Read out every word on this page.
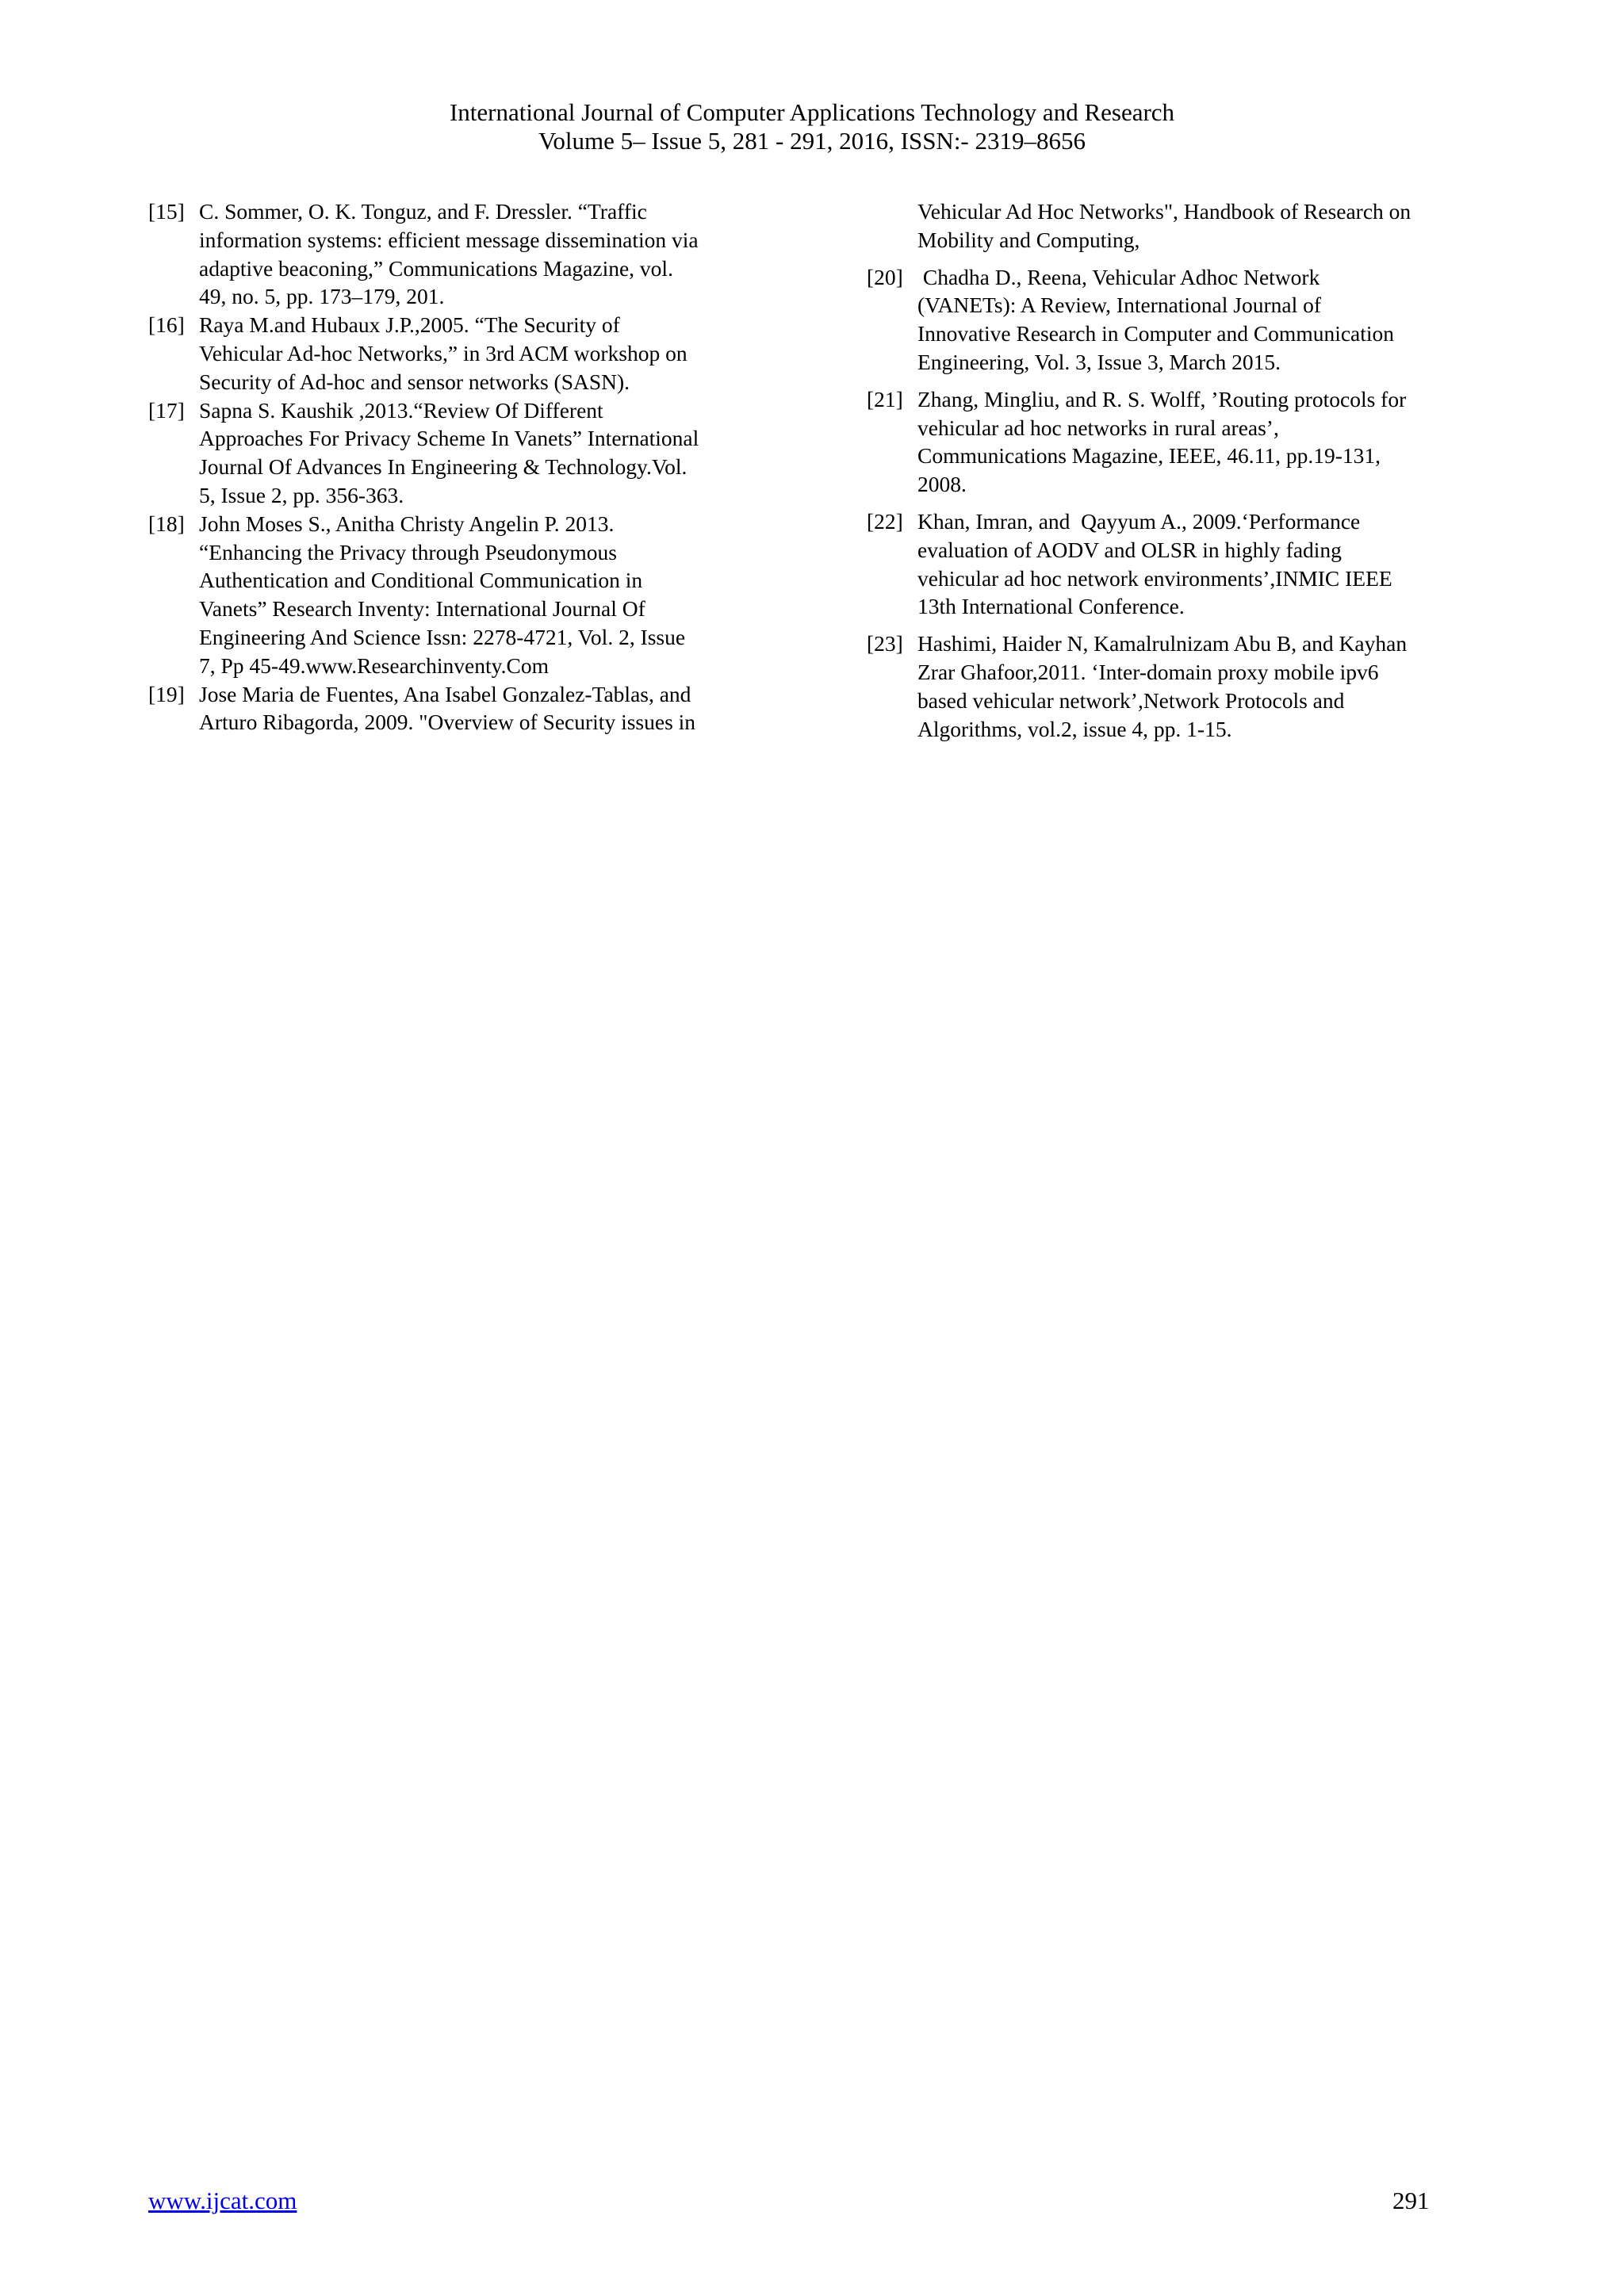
International Journal of Computer Applications Technology and Research
Volume 5– Issue 5, 281 - 291, 2016, ISSN:- 2319–8656
[15] C. Sommer, O. K. Tonguz, and F. Dressler. “Traffic
information systems: efficient message dissemination via
adaptive beaconing,” Communications Magazine, vol.
49, no. 5, pp. 173–179, 201.
[16] Raya M.and Hubaux J.P.,2005. “The Security of
Vehicular Ad-hoc Networks,” in 3rd ACM workshop on
Security of Ad-hoc and sensor networks (SASN).
[17] Sapna S. Kaushik ,2013.“Review Of Different
Approaches For Privacy Scheme In Vanets” International
Journal Of Advances In Engineering & Technology.Vol.
5, Issue 2, pp. 356-363.
[18] John Moses S., Anitha Christy Angelin P. 2013.
“Enhancing the Privacy through Pseudonymous
Authentication and Conditional Communication in
Vanets” Research Inventy: International Journal Of
Engineering And Science Issn: 2278-4721, Vol. 2, Issue
7, Pp 45-49.www.Researchinventy.Com
[19] Jose Maria de Fuentes, Ana Isabel Gonzalez-Tablas, and
Arturo Ribagorda, 2009. "Overview of Security issues in
Vehicular Ad Hoc Networks", Handbook of Research on
Mobility and Computing,
[20] Chadha D., Reena, Vehicular Adhoc Network
(VANETs): A Review, International Journal of
Innovative Research in Computer and Communication
Engineering, Vol. 3, Issue 3, March 2015.
[21] Zhang, Mingliu, and R. S. Wolff, ’Routing protocols for
vehicular ad hoc networks in rural areas’,
Communications Magazine, IEEE, 46.11, pp.19-131,
2008.
[22] Khan, Imran, and  Qayyum A., 2009.‘Performance
evaluation of AODV and OLSR in highly fading
vehicular ad hoc network environments’,INMIC IEEE
13th International Conference.
[23] Hashimi, Haider N, Kamalrulnizam Abu B, and Kayhan
Zrar Ghafoor,2011. ‘Inter-domain proxy mobile ipv6
based vehicular network’,Network Protocols and
Algorithms, vol.2, issue 4, pp. 1-15.
www.ijcat.com	291
